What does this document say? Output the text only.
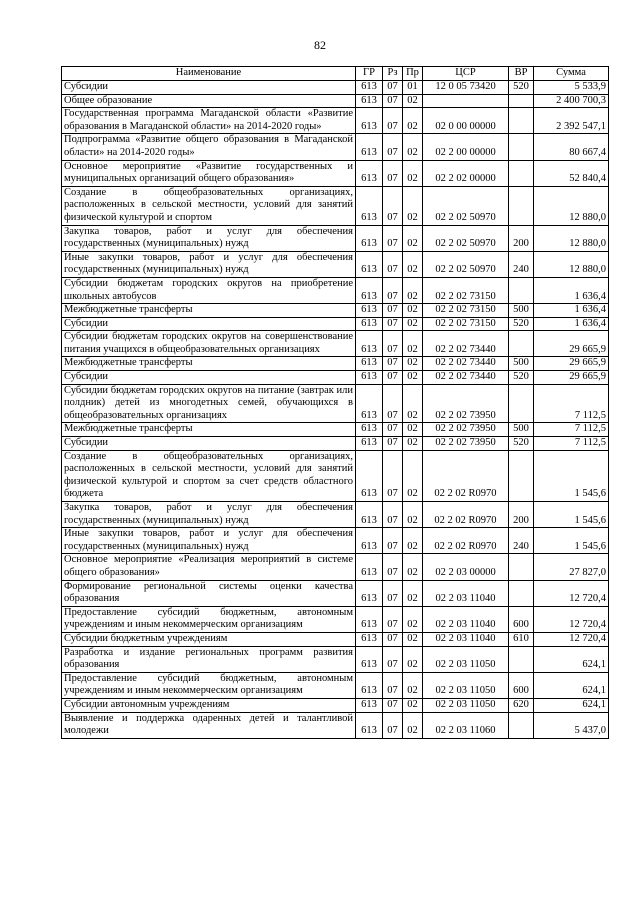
82
Наименование	ГР	Рз	Пр	ЦСР	ВР	Сумма
Субсидии	613	07	01	12 0 05 73420	520	5 533,9
Общее образование	613	07	02			2 400 700,3
Государственная программа Магаданской области «Развитие образования в Магаданской области» на 2014-2020 годы»	613	07	02	02 0 00 00000		2 392 547,1
Подпрограмма «Развитие общего образования в Магаданской области» на 2014-2020 годы»	613	07	02	02 2 00 00000		80 667,4
Основное мероприятие «Развитие государственных и муниципальных организаций общего образования»	613	07	02	02 2 02 00000		52 840,4
Создание в общеобразовательных организациях, расположенных в сельской местности, условий для занятий физической культурой и спортом	613	07	02	02 2 02 50970		12 880,0
Закупка товаров, работ и услуг для обеспечения государственных (муниципальных) нужд	613	07	02	02 2 02 50970	200	12 880,0
Иные закупки товаров, работ и услуг для обеспечения государственных (муниципальных) нужд	613	07	02	02 2 02 50970	240	12 880,0
Субсидии бюджетам городских округов на приобретение школьных автобусов	613	07	02	02 2 02 73150		1 636,4
Межбюджетные трансферты	613	07	02	02 2 02 73150	500	1 636,4
Субсидии	613	07	02	02 2 02 73150	520	1 636,4
Субсидии бюджетам городских округов на совершенствование питания учащихся в общеобразовательных организациях	613	07	02	02 2 02 73440		29 665,9
Межбюджетные трансферты	613	07	02	02 2 02 73440	500	29 665,9
Субсидии	613	07	02	02 2 02 73440	520	29 665,9
Субсидии бюджетам городских округов на питание (завтрак или полдник) детей из многодетных семей, обучающихся в общеобразовательных организациях	613	07	02	02 2 02 73950		7 112,5
Межбюджетные трансферты	613	07	02	02 2 02 73950	500	7 112,5
Субсидии	613	07	02	02 2 02 73950	520	7 112,5
Создание в общеобразовательных организациях, расположенных в сельской местности, условий для занятий физической культурой и спортом за счет средств областного бюджета	613	07	02	02 2 02 R0970		1 545,6
Закупка товаров, работ и услуг для обеспечения государственных (муниципальных) нужд	613	07	02	02 2 02 R0970	200	1 545,6
Иные закупки товаров, работ и услуг для обеспечения государственных (муниципальных) нужд	613	07	02	02 2 02 R0970	240	1 545,6
Основное мероприятие «Реализация мероприятий в системе общего образования»	613	07	02	02 2 03 00000		27 827,0
Формирование региональной системы оценки качества образования	613	07	02	02 2 03 11040		12 720,4
Предоставление субсидий бюджетным, автономным учреждениям и иным некоммерческим организациям	613	07	02	02 2 03 11040	600	12 720,4
Субсидии бюджетным учреждениям	613	07	02	02 2 03 11040	610	12 720,4
Разработка и издание региональных программ развития образования	613	07	02	02 2 03 11050		624,1
Предоставление субсидий бюджетным, автономным учреждениям и иным некоммерческим организациям	613	07	02	02 2 03 11050	600	624,1
Субсидии автономным учреждениям	613	07	02	02 2 03 11050	620	624,1
Выявление и поддержка одаренных детей и талантливой молодежи	613	07	02	02 2 03 11060		5 437,0
